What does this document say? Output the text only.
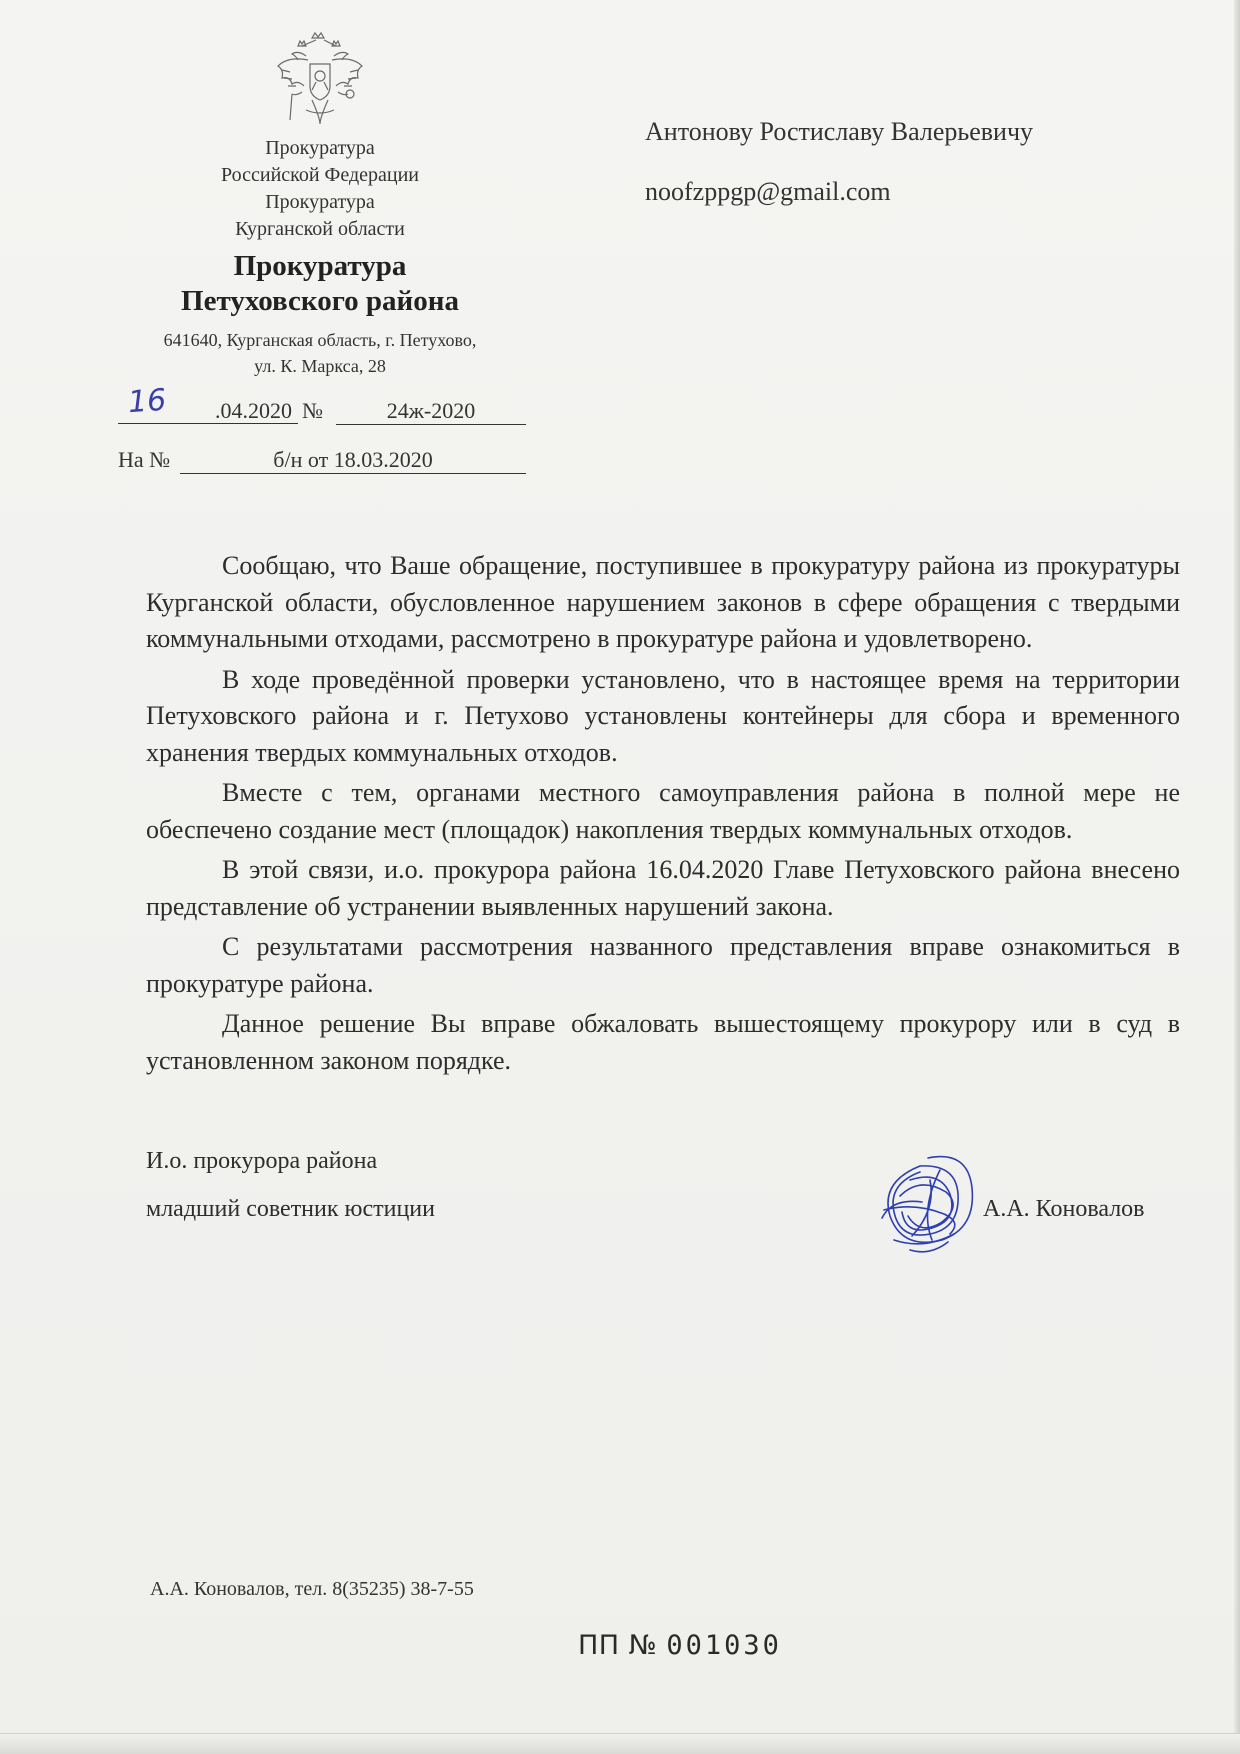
Прокуратура
Российской Федерации
Прокуратура
Курганской области
Прокуратура
Петуховского района
641640, Курганская область, г. Петухово,
ул. К. Маркса, 28
16	.04.2020 №	24ж-2020
На №	б/н от 18.03.2020
Антонову Ростиславу Валерьевичу
noofzppgp@gmail.com

Сообщаю, что Ваше обращение, поступившее в прокуратуру района из прокуратуры Курганской области, обусловленное нарушением законов в сфере обращения с твердыми коммунальными отходами, рассмотрено в прокуратуре района и удовлетворено.

В ходе проведённой проверки установлено, что в настоящее время на территории Петуховского района и г. Петухово установлены контейнеры для сбора и временного хранения твердых коммунальных отходов.

Вместе с тем, органами местного самоуправления района в полной мере не обеспечено создание мест (площадок) накопления твердых коммунальных отходов.

В этой связи, и.о. прокурора района 16.04.2020 Главе Петуховского района внесено представление об устранении выявленных нарушений закона.

С результатами рассмотрения названного представления вправе ознакомиться в прокуратуре района.

Данное решение Вы вправе обжаловать вышестоящему прокурору или в суд в установленном законом порядке.

И.о. прокурора района
младший советник юстиции	А.А. Коновалов
А.А. Коновалов, тел. 8(35235) 38-7-55
ПП № 001030
